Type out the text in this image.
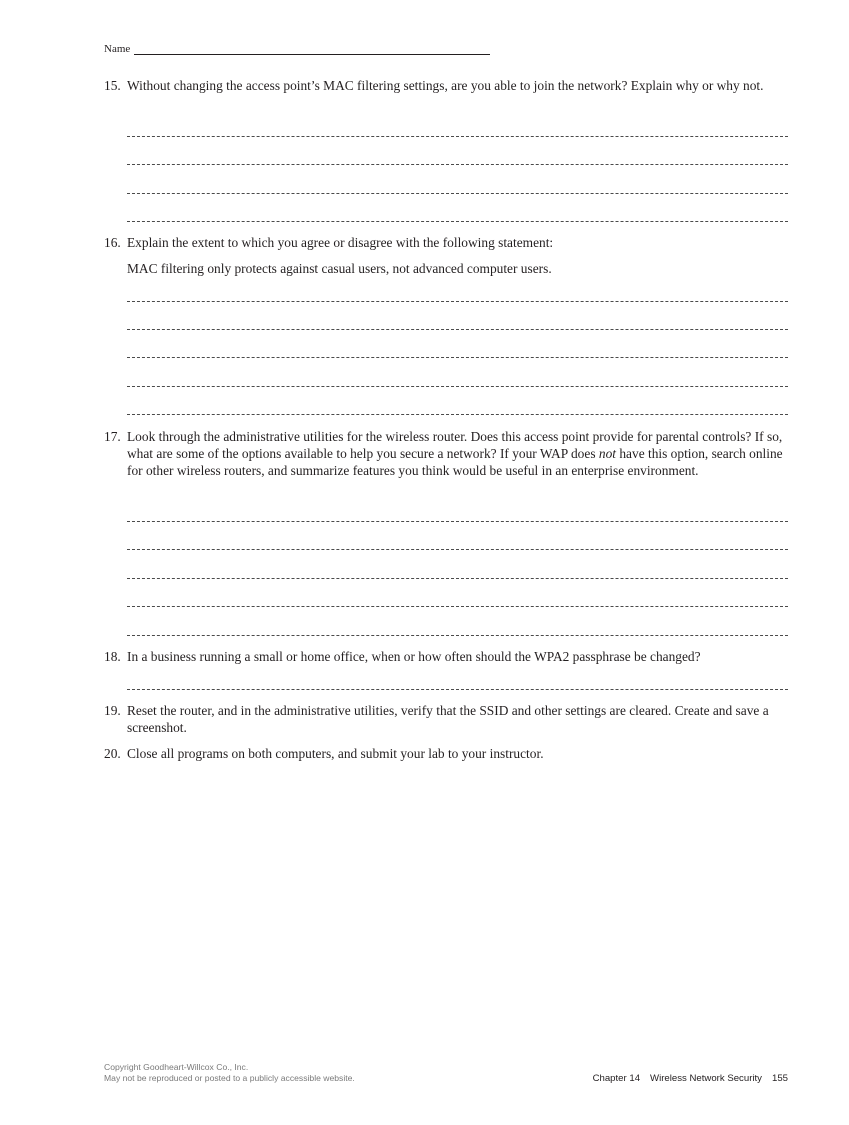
Name
15. Without changing the access point’s MAC filtering settings, are you able to join the network? Explain why or why not.
16. Explain the extent to which you agree or disagree with the following statement:
MAC filtering only protects against casual users, not advanced computer users.
17. Look through the administrative utilities for the wireless router. Does this access point provide for parental controls? If so, what are some of the options available to help you secure a network? If your WAP does not have this option, search online for other wireless routers, and summarize features you think would be useful in an enterprise environment.
18. In a business running a small or home office, when or how often should the WPA2 passphrase be changed?
19. Reset the router, and in the administrative utilities, verify that the SSID and other settings are cleared. Create and save a screenshot.
20. Close all programs on both computers, and submit your lab to your instructor.
Copyright Goodheart-Willcox Co., Inc.
May not be reproduced or posted to a publicly accessible website.	Chapter 14 Wireless Network Security 155
